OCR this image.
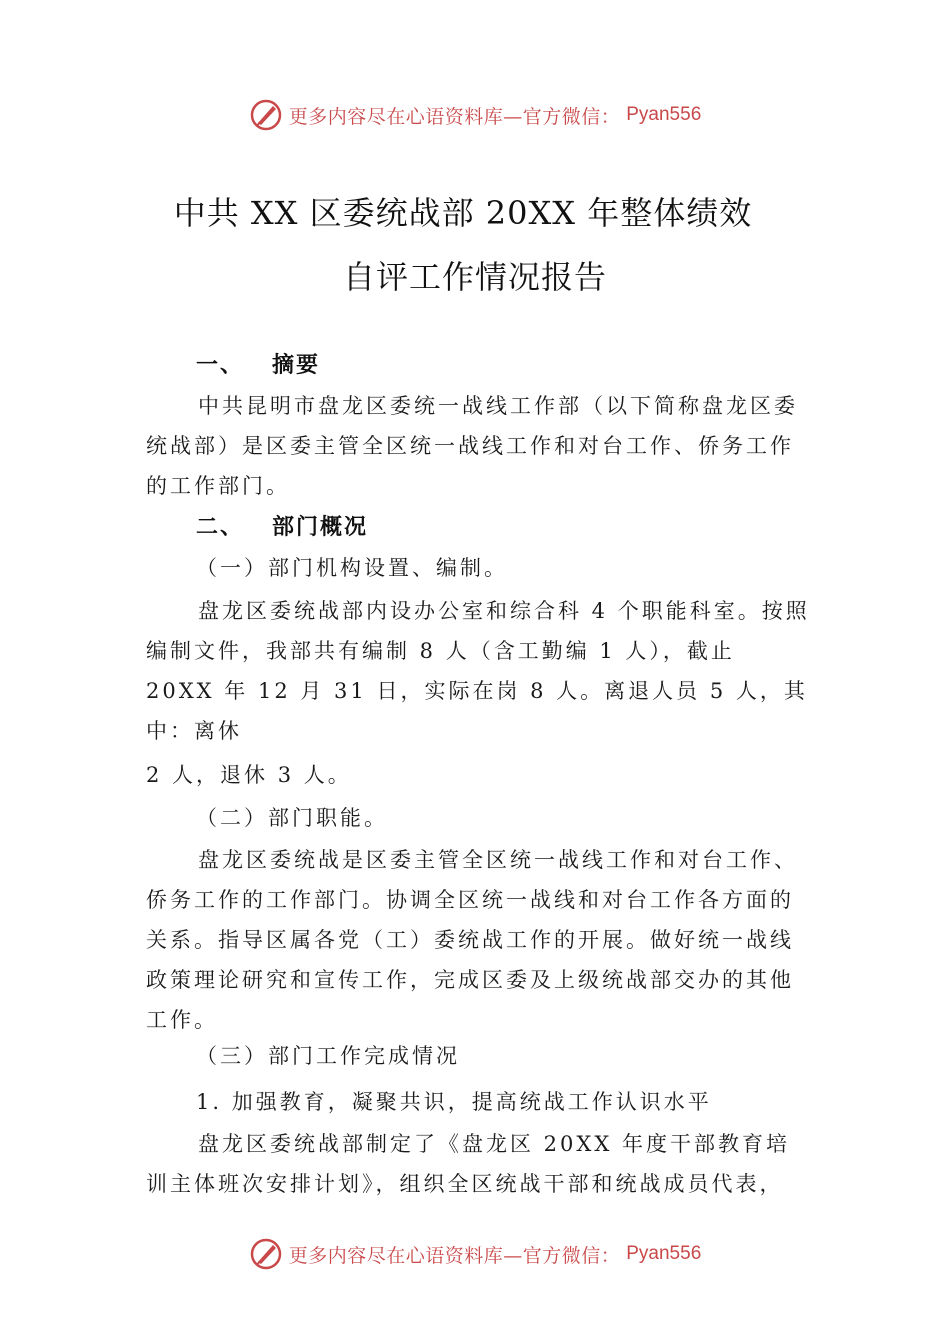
更多内容尽在心语资料库—官方微信： Pyan556
中共 XX 区委统战部 20XX 年整体绩效
自评工作情况报告
一、 摘要

中共昆明市盘龙区委统一战线工作部（以下简称盘龙区委统战部）是区委主管全区统一战线工作和对台工作、侨务工作的工作部门。

二、 部门概况
（一）部门机构设置、编制。

盘龙区委统战部内设办公室和综合科 4 个职能科室。按照编制文件，我部共有编制 8 人（含工勤编 1 人），截止 20XX 年 12 月 31 日，实际在岗 8 人。离退人员 5 人，其中：离休

2 人，退休 3 人。

（二）部门职能。

盘龙区委统战是区委主管全区统一战线工作和对台工作、侨务工作的工作部门。协调全区统一战线和对台工作各方面的关系。指导区属各党（工）委统战工作的开展。做好统一战线政策理论研究和宣传工作，完成区委及上级统战部交办的其他工作。

（三）部门工作完成情况
1. 加强教育，凝聚共识，提高统战工作认识水平

盘龙区委统战部制定了《盘龙区 20XX 年度干部教育培训主体班次安排计划》，组织全区统战干部和统战成员代表，

更多内容尽在心语资料库—官方微信： Pyan556
